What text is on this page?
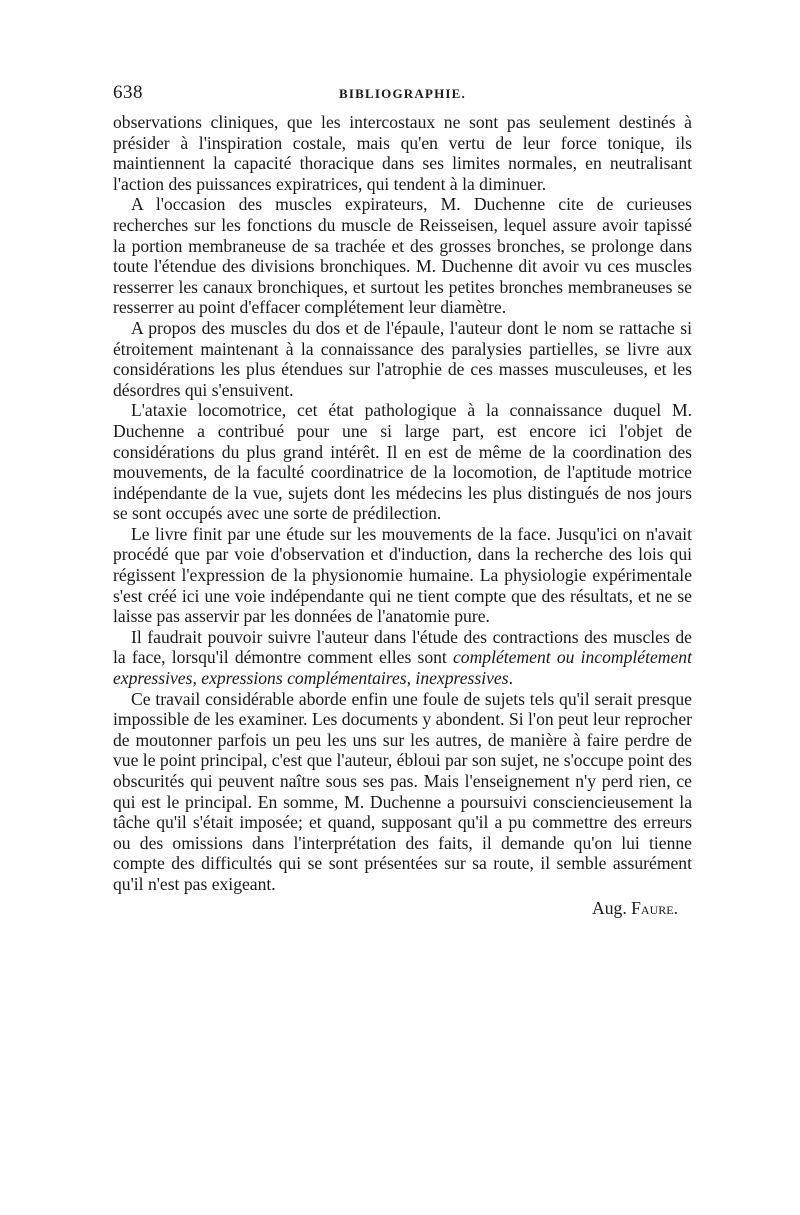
638	BIBLIOGRAPHIE.

observations cliniques, que les intercostaux ne sont pas seulement destinés à présider à l'inspiration costale, mais qu'en vertu de leur force tonique, ils maintiennent la capacité thoracique dans ses limites normales, en neutralisant l'action des puissances expiratrices, qui tendent à la diminuer.

A l'occasion des muscles expirateurs, M. Duchenne cite de curieuses recherches sur les fonctions du muscle de Reisseisen, lequel assure avoir tapissé la portion membraneuse de sa trachée et des grosses bronches, se prolonge dans toute l'étendue des divisions bronchiques. M. Duchenne dit avoir vu ces muscles resserrer les canaux bronchiques, et surtout les petites bronches membraneuses se resserrer au point d'effacer complétement leur diamètre.

A propos des muscles du dos et de l'épaule, l'auteur dont le nom se rattache si étroitement maintenant à la connaissance des paralysies partielles, se livre aux considérations les plus étendues sur l'atrophie de ces masses musculeuses, et les désordres qui s'ensuivent.

L'ataxie locomotrice, cet état pathologique à la connaissance duquel M. Duchenne a contribué pour une si large part, est encore ici l'objet de considérations du plus grand intérêt. Il en est de même de la coordination des mouvements, de la faculté coordinatrice de la locomotion, de l'aptitude motrice indépendante de la vue, sujets dont les médecins les plus distingués de nos jours se sont occupés avec une sorte de prédilection.

Le livre finit par une étude sur les mouvements de la face. Jusqu'ici on n'avait procédé que par voie d'observation et d'induction, dans la recherche des lois qui régissent l'expression de la physionomie humaine. La physiologie expérimentale s'est créé ici une voie indépendante qui ne tient compte que des résultats, et ne se laisse pas asservir par les données de l'anatomie pure.

Il faudrait pouvoir suivre l'auteur dans l'étude des contractions des muscles de la face, lorsqu'il démontre comment elles sont complétement ou incomplétement expressives, expressions complémentaires, inexpressives.

Ce travail considérable aborde enfin une foule de sujets tels qu'il serait presque impossible de les examiner. Les documents y abondent. Si l'on peut leur reprocher de moutonner parfois un peu les uns sur les autres, de manière à faire perdre de vue le point principal, c'est que l'auteur, ébloui par son sujet, ne s'occupe point des obscurités qui peuvent naître sous ses pas. Mais l'enseignement n'y perd rien, ce qui est le principal. En somme, M. Duchenne a poursuivi consciencieusement la tâche qu'il s'était imposée; et quand, supposant qu'il a pu commettre des erreurs ou des omissions dans l'interprétation des faits, il demande qu'on lui tienne compte des difficultés qui se sont présentées sur sa route, il semble assurément qu'il n'est pas exigeant.

Aug. Faure.
